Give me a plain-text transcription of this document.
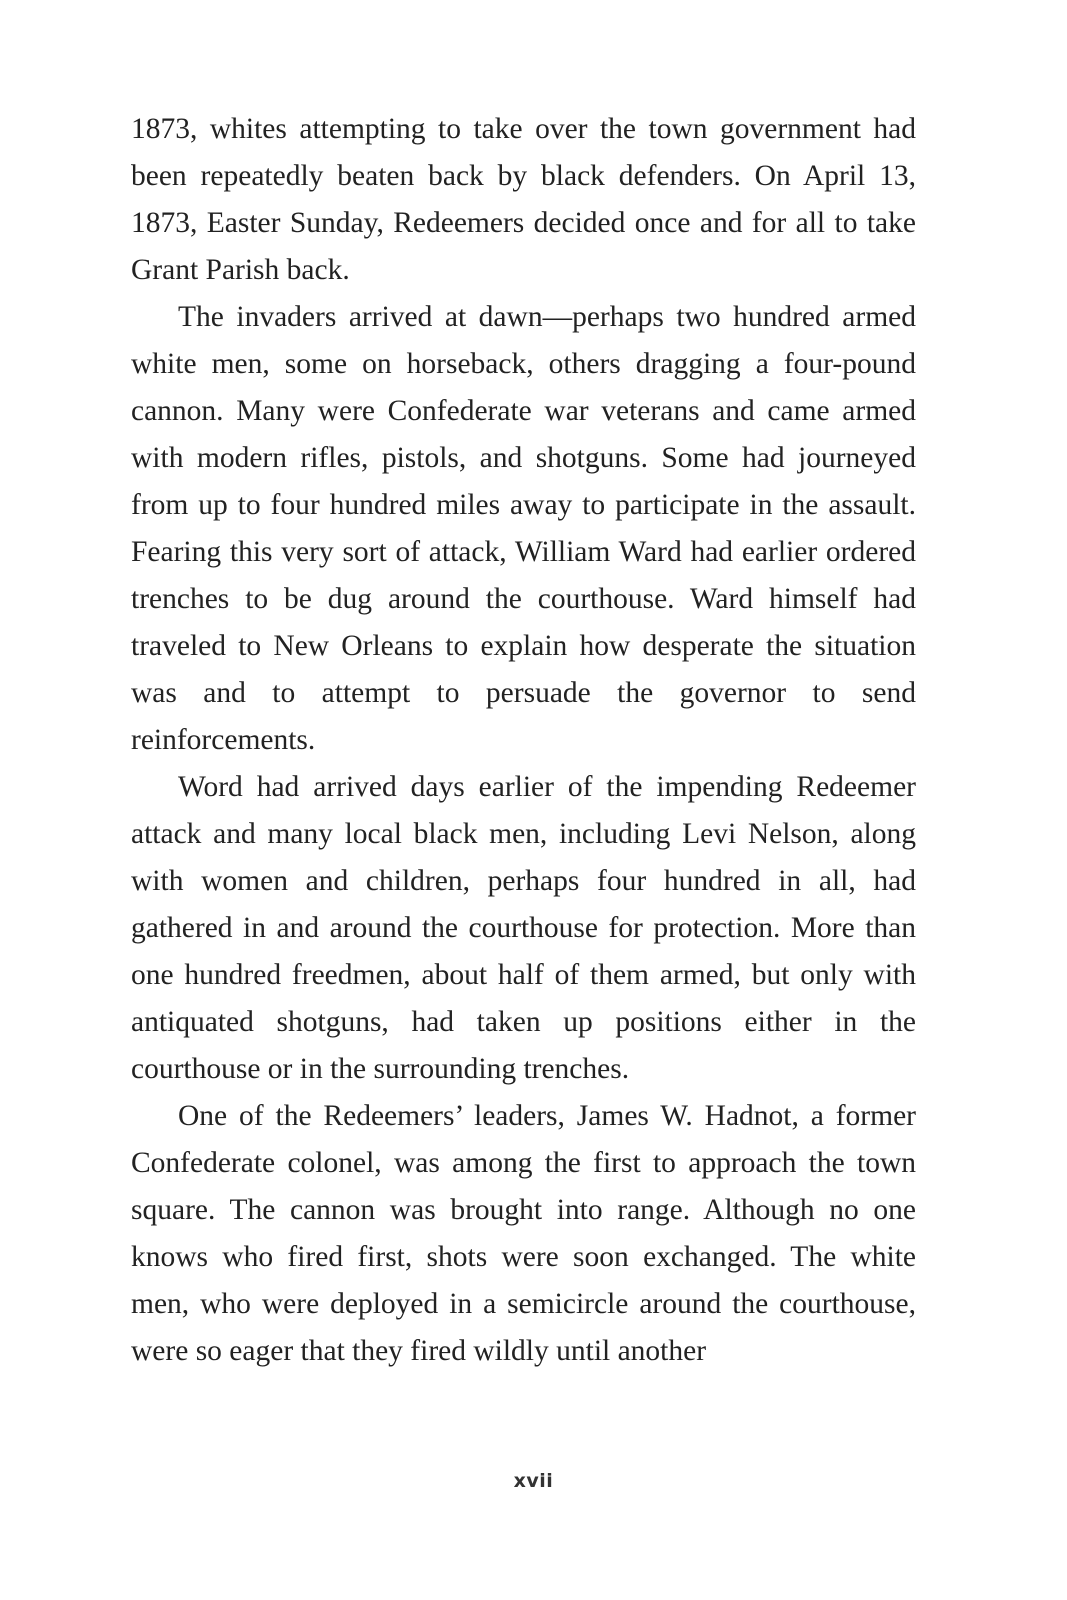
1873, whites attempting to take over the town government had been repeatedly beaten back by black defenders. On April 13, 1873, Easter Sunday, Redeemers decided once and for all to take Grant Parish back.

The invaders arrived at dawn—perhaps two hundred armed white men, some on horseback, others dragging a four-pound cannon. Many were Confederate war veterans and came armed with modern rifles, pistols, and shotguns. Some had journeyed from up to four hundred miles away to participate in the assault. Fearing this very sort of attack, William Ward had earlier ordered trenches to be dug around the courthouse. Ward himself had traveled to New Orleans to explain how desperate the situation was and to attempt to persuade the governor to send reinforcements.

Word had arrived days earlier of the impending Redeemer attack and many local black men, including Levi Nelson, along with women and children, perhaps four hundred in all, had gathered in and around the courthouse for protection. More than one hundred freedmen, about half of them armed, but only with antiquated shotguns, had taken up positions either in the courthouse or in the surrounding trenches.

One of the Redeemers’ leaders, James W. Hadnot, a former Confederate colonel, was among the first to approach the town square. The cannon was brought into range. Although no one knows who fired first, shots were soon exchanged. The white men, who were deployed in a semicircle around the courthouse, were so eager that they fired wildly until another

xvii
